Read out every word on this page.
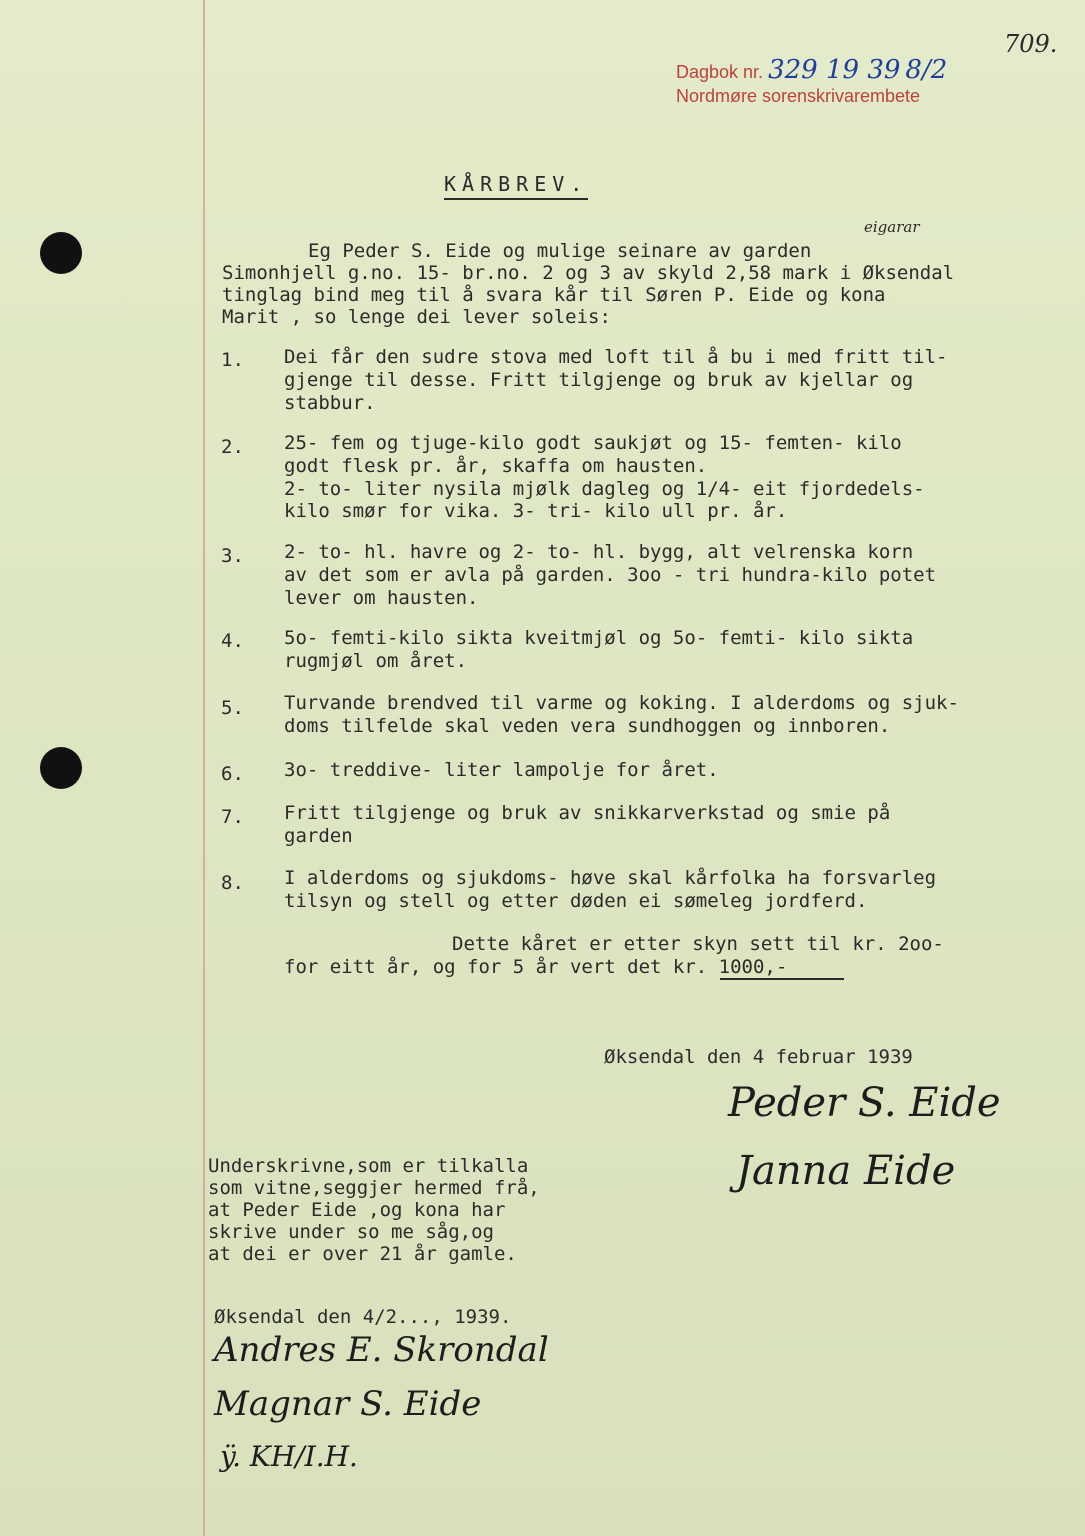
Dagbok nr. 329 19 39 8/2
Nordmøre sorenskrivarembete
709.
KÅRBREV.
eigarar
Eg Peder S. Eide og mulige seinare av garden
Simonhjell g.no. 15- br.no. 2 og 3 av skyld 2,58 mark i Øksendal
tinglag bind meg til å svara kår til Søren P. Eide og kona
Marit , so lenge dei lever soleis:
1. Dei får den sudre stova med loft til å bu i med fritt til-
gjenge til desse. Fritt tilgjenge og bruk av kjellar og
stabbur.
2. 25- fem og tjuge-kilo godt saukjøt og 15- femten- kilo
godt flesk pr. år, skaffa om hausten.
2- to- liter nysila mjølk dagleg og 1/4- eit fjordedels-
kilo smør for vika. 3- tri- kilo ull pr. år.
3. 2- to- hl. havre og 2- to- hl. bygg, alt velrenska korn
av det som er avla på garden. 3oo - tri hundra-kilo potet
lever om hausten.
4. 5o- femti-kilo sikta kveitmjøl og 5o- femti- kilo sikta
rugmjøl om året.
5. Turvande brendved til varme og koking. I alderdoms og sjuk-
doms tilfelde skal veden vera sundhoggen og innboren.
6. 3o- treddive- liter lampolje for året.
7. Fritt tilgjenge og bruk av snikkarverkstad og smie på
garden
8. I alderdoms og sjukdoms- høve skal kårfolka ha forsvarleg
tilsyn og stell og etter døden ei sømeleg jordferd.
Dette kåret er etter skyn sett til kr. 2oo-
for eitt år, og for 5 år vert det kr. 1000,-
Øksendal den 4 februar 1939
Peder S. Eide
Janna Eide
Underskrivne,som er tilkalla
som vitne,seggjer hermed frå,
at Peder Eide ,og kona har
skrive under so me såg,og
at dei er over 21 år gamle.
Øksendal den 4/2..., 1939.
Andres E. Skrondal
Magnar S. Eide
ÿ. KH/I.H.
